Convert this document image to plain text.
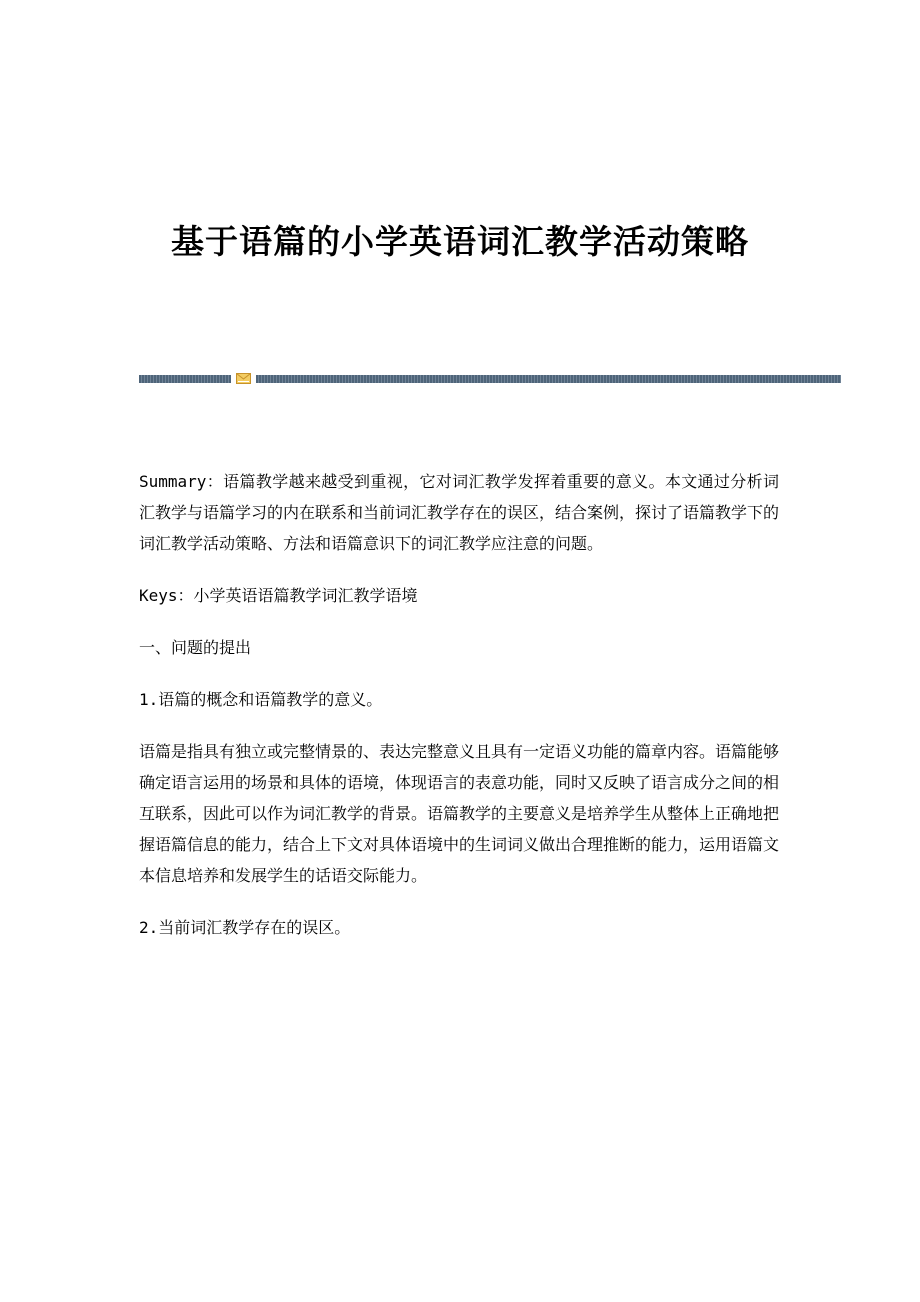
基于语篇的小学英语词汇教学活动策略

Summary：语篇教学越来越受到重视，它对词汇教学发挥着重要的意义。本文通过分析词汇教学与语篇学习的内在联系和当前词汇教学存在的误区，结合案例，探讨了语篇教学下的词汇教学活动策略、方法和语篇意识下的词汇教学应注意的问题。

Keys：小学英语语篇教学词汇教学语境

一、问题的提出

1.语篇的概念和语篇教学的意义。

语篇是指具有独立或完整情景的、表达完整意义且具有一定语义功能的篇章内容。语篇能够确定语言运用的场景和具体的语境，体现语言的表意功能，同时又反映了语言成分之间的相互联系，因此可以作为词汇教学的背景。语篇教学的主要意义是培养学生从整体上正确地把握语篇信息的能力，结合上下文对具体语境中的生词词义做出合理推断的能力，运用语篇文本信息培养和发展学生的话语交际能力。

2.当前词汇教学存在的误区。
